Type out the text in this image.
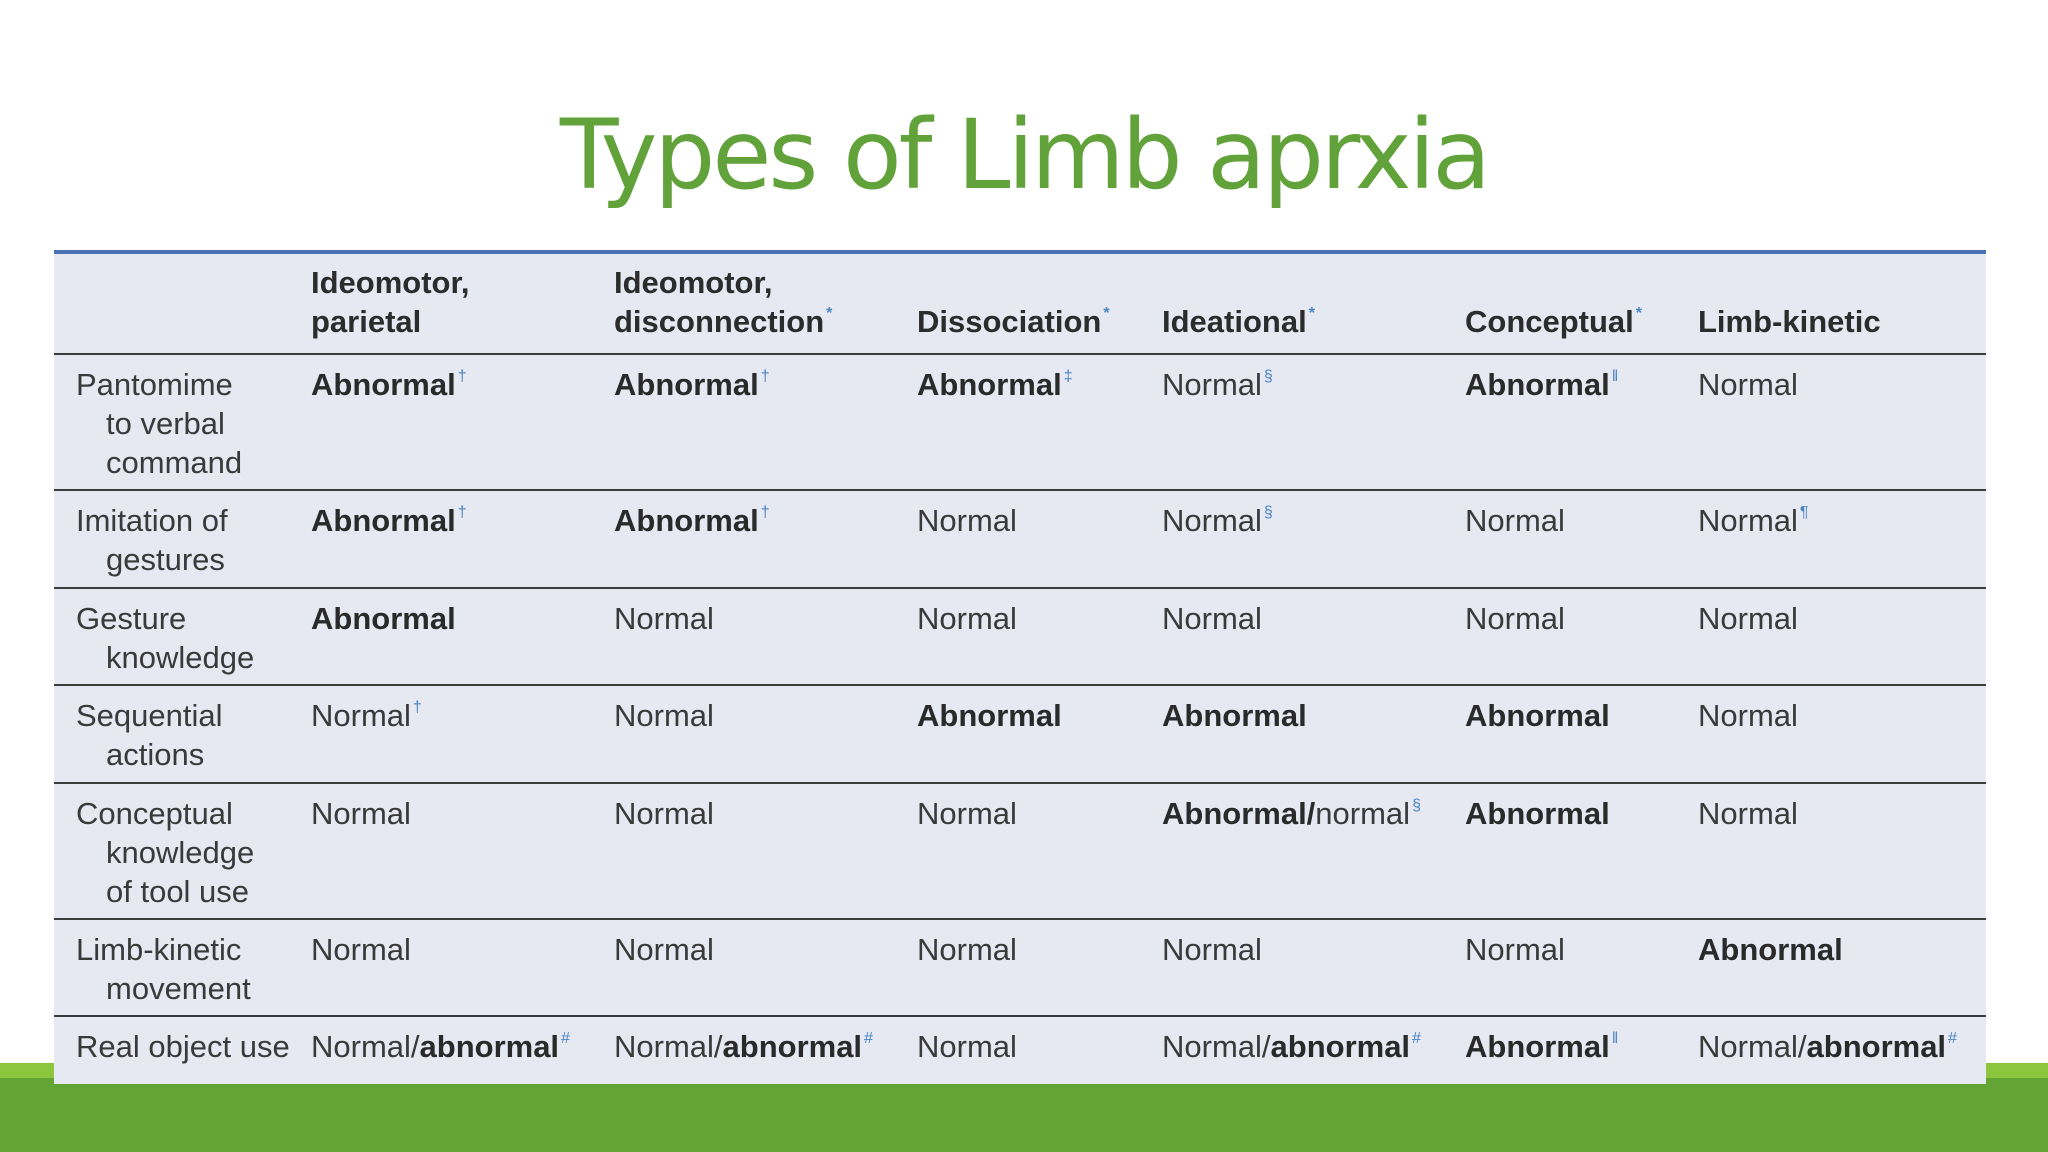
Types of Limb aprxia

	Ideomotor,
parietal	Ideomotor,
disconnection *	Dissociation *	Ideational *	Conceptual *	Limb-kinetic

Pantomime
to verbal
command	Abnormal †	Abnormal †	Abnormal ‡	Normal §	Abnormal ‖	Normal

Imitation of
gestures	Abnormal †	Abnormal †	Normal	Normal §	Normal	Normal ¶

Gesture
knowledge	Abnormal	Normal	Normal	Normal	Normal	Normal

Sequential
actions	Normal †	Normal	Abnormal	Abnormal	Abnormal	Normal

Conceptual
knowledge
of tool use	Normal	Normal	Normal	Abnormal/normal §	Abnormal	Normal

Limb-kinetic
movement	Normal	Normal	Normal	Normal	Normal	Abnormal

Real object use	Normal/abnormal #	Normal/abnormal #	Normal	Normal/abnormal #	Abnormal ‖	Normal/abnormal #
